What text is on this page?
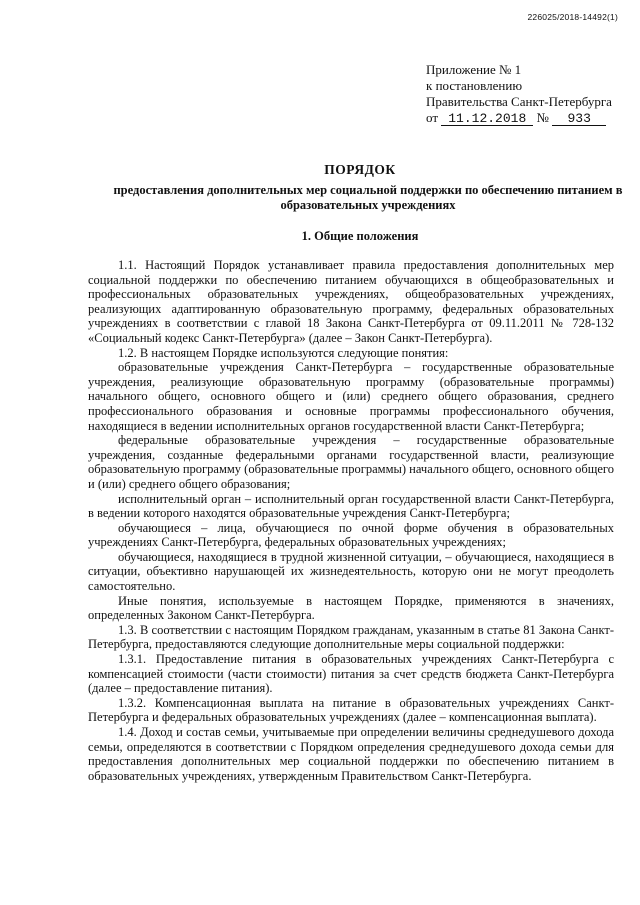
226025/2018-14492(1)
Приложение № 1
к постановлению
Правительства Санкт-Петербурга
от 11.12.2018 № 933
ПОРЯДОК
предоставления дополнительных мер социальной поддержки по обеспечению питанием в образовательных учреждениях
1. Общие положения

1.1. Настоящий Порядок устанавливает правила предоставления дополнительных мер социальной поддержки по обеспечению питанием обучающихся в общеобразовательных и профессиональных образовательных учреждениях, общеобразовательных учреждениях, реализующих адаптированную образовательную программу, федеральных образовательных учреждениях в соответствии с главой 18 Закона Санкт-Петербурга от 09.11.2011 № 728-132 «Социальный кодекс Санкт-Петербурга» (далее – Закон Санкт-Петербурга).

1.2. В настоящем Порядке используются следующие понятия:

образовательные учреждения Санкт-Петербурга – государственные образовательные учреждения, реализующие образовательную программу (образовательные программы) начального общего, основного общего и (или) среднего общего образования, среднего профессионального образования и основные программы профессионального обучения, находящиеся в ведении исполнительных органов государственной власти Санкт-Петербурга;

федеральные образовательные учреждения – государственные образовательные учреждения, созданные федеральными органами государственной власти, реализующие образовательную программу (образовательные программы) начального общего, основного общего и (или) среднего общего образования;

исполнительный орган – исполнительный орган государственной власти Санкт-Петербурга, в ведении которого находятся образовательные учреждения Санкт-Петербурга;

обучающиеся – лица, обучающиеся по очной форме обучения в образовательных учреждениях Санкт-Петербурга, федеральных образовательных учреждениях;

обучающиеся, находящиеся в трудной жизненной ситуации, – обучающиеся, находящиеся в ситуации, объективно нарушающей их жизнедеятельность, которую они не могут преодолеть самостоятельно.

Иные понятия, используемые в настоящем Порядке, применяются в значениях, определенных Законом Санкт-Петербурга.

1.3. В соответствии с настоящим Порядком гражданам, указанным в статье 81 Закона Санкт-Петербурга, предоставляются следующие дополнительные меры социальной поддержки:

1.3.1. Предоставление питания в образовательных учреждениях Санкт-Петербурга с компенсацией стоимости (части стоимости) питания за счет средств бюджета Санкт-Петербурга (далее – предоставление питания).

1.3.2. Компенсационная выплата на питание в образовательных учреждениях Санкт-Петербурга и федеральных образовательных учреждениях (далее – компенсационная выплата).

1.4. Доход и состав семьи, учитываемые при определении величины среднедушевого дохода семьи, определяются в соответствии с Порядком определения среднедушевого дохода семьи для предоставления дополнительных мер социальной поддержки по обеспечению питанием в образовательных учреждениях, утвержденным Правительством Санкт-Петербурга.
